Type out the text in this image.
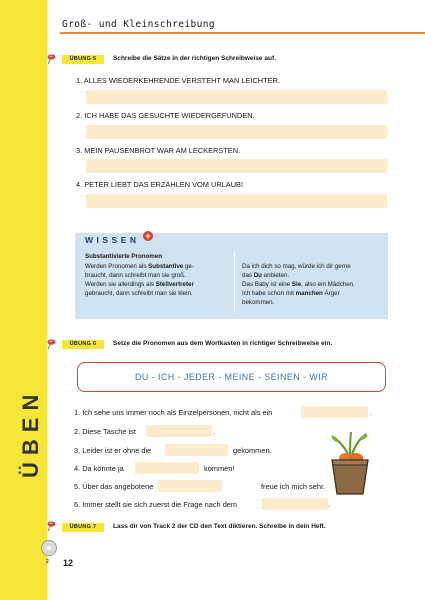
ÜBEN
2 12
Groß- und Kleinschreibung
ÜBUNG 5	Schreibe die Sätze in der richtigen Schreibweise auf.
1. ALLES WIEDERKEHRENDE VERSTEHT MAN LEICHTER.
2. ICH HABE DAS GESUCHTE WIEDERGEFUNDEN.
3. MEIN PAUSENBROT WAR AM LECKERSTEN.
4. PETER LIEBT DAS ERZÄHLEN VOM URLAUB!
WISSEN +
Substantivierte Pronomen
Werden Pronomen als Substantive ge-
braucht, dann schreibt man sie groß.
Werden sie allerdings als Stellvertreter
gebraucht, dann schreibt man sie klein.
Da ich dich so mag, würde ich dir gerne
das Du anbieten.
Das Baby ist eine Sie, also ein Mädchen.
Ich habe schon mit manchen Ärger
bekommen.
ÜBUNG 6	Setze die Pronomen aus dem Wortkasten in richtiger Schreibweise ein.
DU - ICH - JEDER - MEINE - SEINEN - WIR
1. Ich sehe uns immer noch als Einzelpersonen, nicht als ein	.
2. Diese Tasche ist	.
3. Leider ist er ohne die	gekommen.
4. Da könnte ja	kommen!
5. Über das angebotene	freue ich mich sehr.
6. Immer stellt sie sich zuerst die Frage nach dem	.
ÜBUNG 7	Lass dir von Track 2 der CD den Text diktieren. Schreibe in dein Heft.
